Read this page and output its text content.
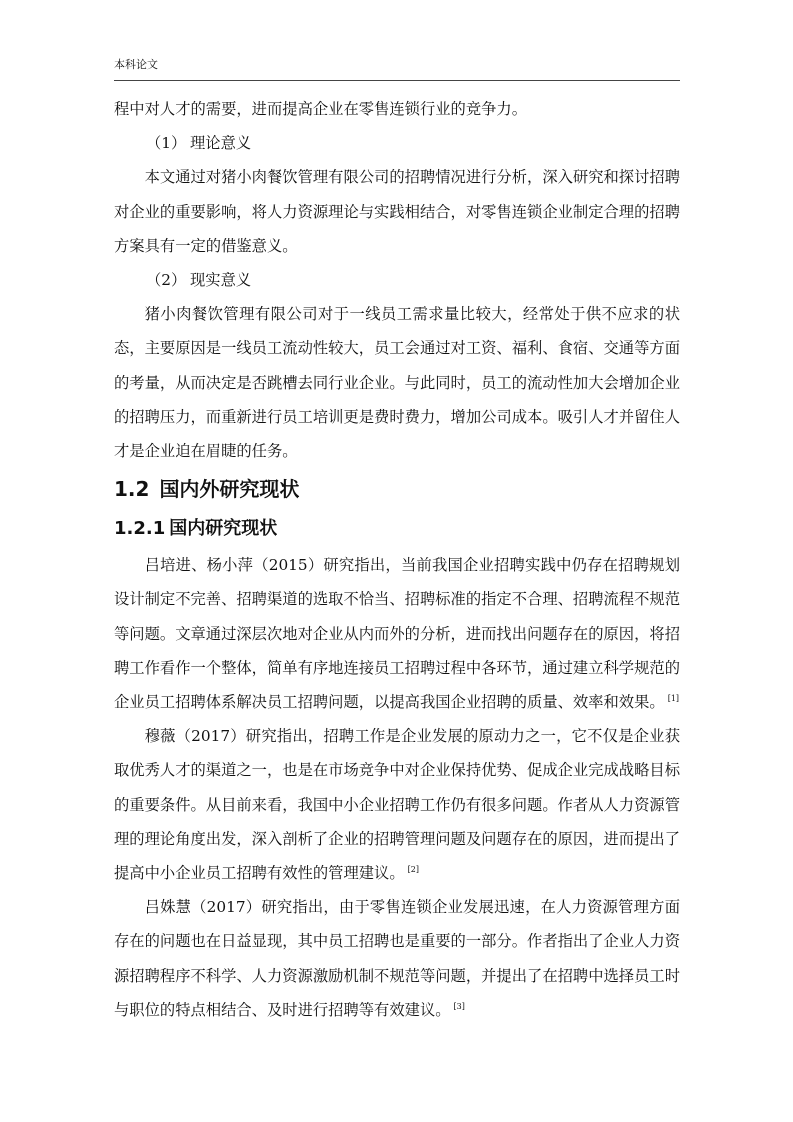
本科论文

程中对人才的需要，进而提高企业在零售连锁行业的竞争力。

（1） 理论意义

本文通过对猪小肉餐饮管理有限公司的招聘情况进行分析，深入研究和探讨招聘对企业的重要影响，将人力资源理论与实践相结合，对零售连锁企业制定合理的招聘方案具有一定的借鉴意义。

（2） 现实意义

猪小肉餐饮管理有限公司对于一线员工需求量比较大，经常处于供不应求的状态，主要原因是一线员工流动性较大，员工会通过对工资、福利、食宿、交通等方面的考量，从而决定是否跳槽去同行业企业。与此同时，员工的流动性加大会增加企业的招聘压力，而重新进行员工培训更是费时费力，增加公司成本。吸引人才并留住人才是企业迫在眉睫的任务。

1.2 国内外研究现状
1.2.1 国内研究现状

吕培进、杨小萍（2015）研究指出，当前我国企业招聘实践中仍存在招聘规划设计制定不完善、招聘渠道的选取不恰当、招聘标准的指定不合理、招聘流程不规范等问题。文章通过深层次地对企业从内而外的分析，进而找出问题存在的原因，将招聘工作看作一个整体，简单有序地连接员工招聘过程中各环节，通过建立科学规范的企业员工招聘体系解决员工招聘问题，以提高我国企业招聘的质量、效率和效果。 [1]

穆薇（2017）研究指出，招聘工作是企业发展的原动力之一，它不仅是企业获取优秀人才的渠道之一，也是在市场竞争中对企业保持优势、促成企业完成战略目标的重要条件。从目前来看，我国中小企业招聘工作仍有很多问题。作者从人力资源管理的理论角度出发，深入剖析了企业的招聘管理问题及问题存在的原因，进而提出了提高中小企业员工招聘有效性的管理建议。 [2]

吕姝慧（2017）研究指出，由于零售连锁企业发展迅速，在人力资源管理方面存在的问题也在日益显现，其中员工招聘也是重要的一部分。作者指出了企业人力资源招聘程序不科学、人力资源激励机制不规范等问题，并提出了在招聘中选择员工时与职位的特点相结合、及时进行招聘等有效建议。 [3]
